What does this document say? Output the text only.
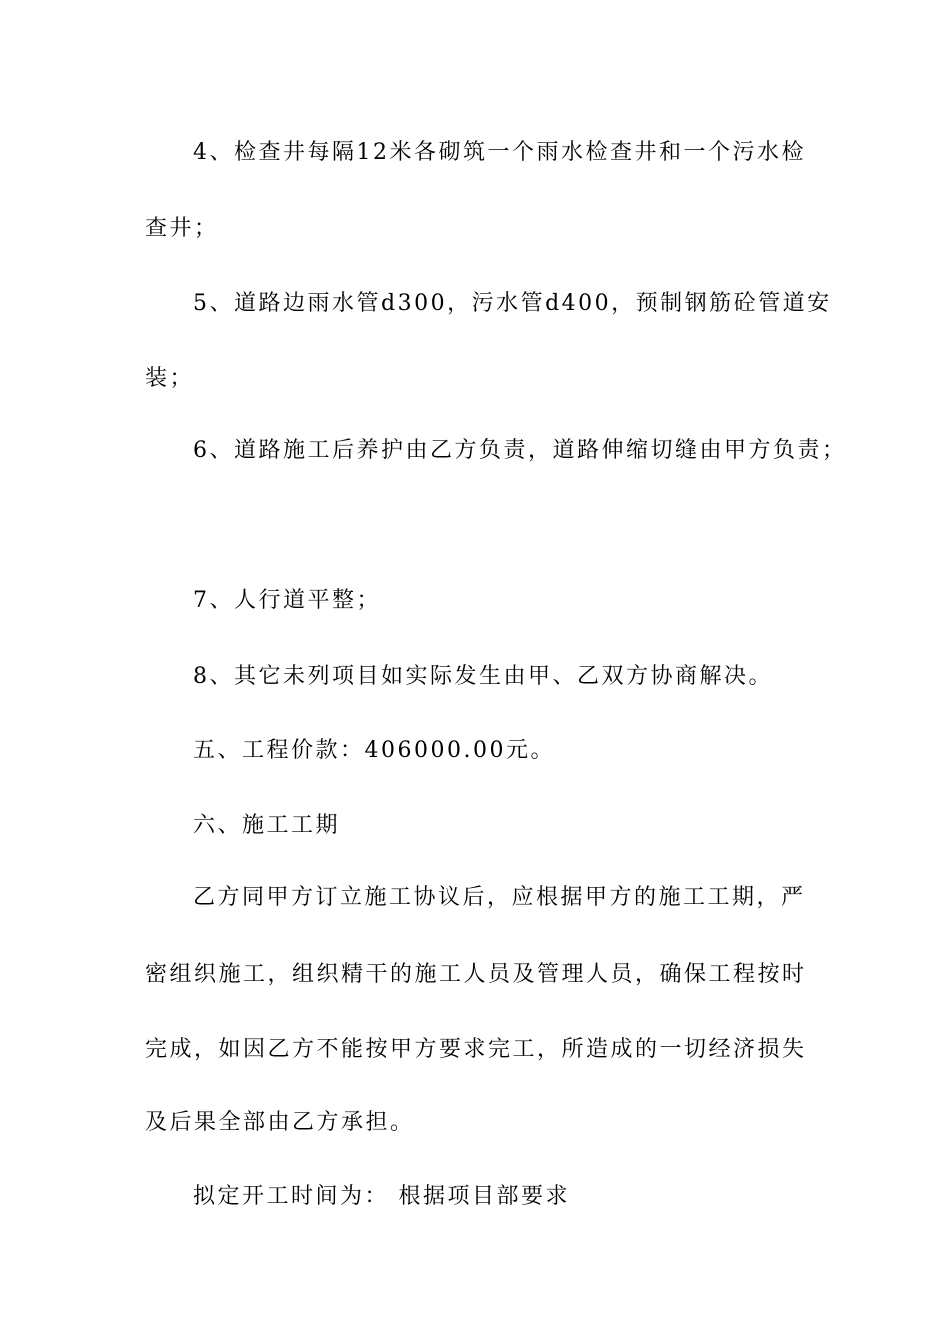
4、检查井每隔12米各砌筑一个雨水检查井和一个污水检
查井；
5、道路边雨水管d300，污水管d400，预制钢筋砼管道安
装；
6、道路施工后养护由乙方负责，道路伸缩切缝由甲方负责；
7、人行道平整；
8、其它未列项目如实际发生由甲、乙双方协商解决。
五、工程价款：406000.00元。
六、施工工期
乙方同甲方订立施工协议后，应根据甲方的施工工期，严
密组织施工，组织精干的施工人员及管理人员，确保工程按时
完成，如因乙方不能按甲方要求完工，所造成的一切经济损失
及后果全部由乙方承担。
拟定开工时间为： 根据项目部要求
